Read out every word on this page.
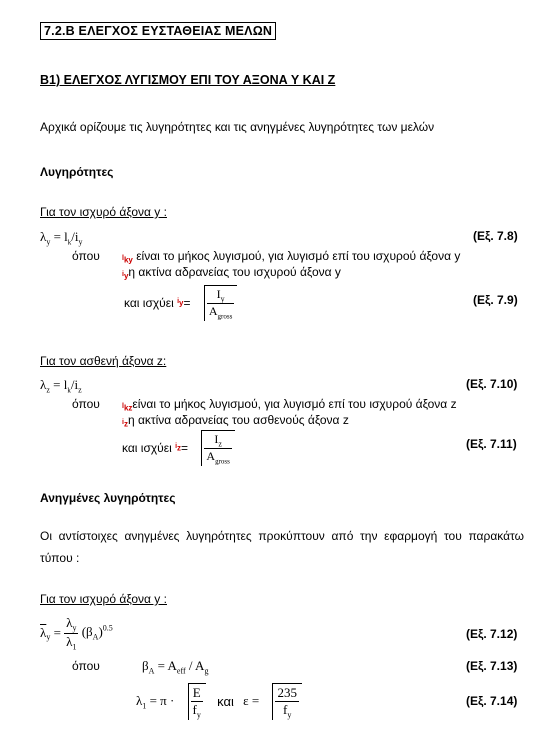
7.2.Β ΕΛΕΓΧΟΣ ΕΥΣΤΑΘΕΙΑΣ ΜΕΛΩΝ
Β1) ΕΛΕΓΧΟΣ ΛΥΓΙΣΜΟΥ ΕΠΙ ΤΟΥ ΑΞΟΝΑ Υ ΚΑΙ Ζ
Αρχικά ορίζουμε τις λυγηρότητες και τις ανηγμένες λυγηρότητες των μελών
Λυγηρότητες
Για τον ισχυρό άξονα y :
$\lambda_y = l_k/i_y$	(Εξ. 7.8)
όπου	$l_{ky}$ είναι το μήκος λυγισμού, για λυγισμό επί του ισχυρού άξονα y
$i_y\eta$ ακτίνα αδρανείας του ισχυρού άξονα y
και ισχύει $i_y= \frac{I_y}{A_{gross}}$	(Εξ. 7.9)
Για τον ασθενή άξονα z:
$\lambda_z = l_k/i_z$	(Εξ. 7.10)
όπου	$l_{kz}\varepsilon ί\nu\alpha\iota$ το μήκος λυγισμού, για λυγισμό επί του ισχυρού άξονα z
$i_z\eta$ ακτίνα αδρανείας του ασθενούς άξονα z
και ισχύει $i_z= \frac{I_z}{A_{gross}}$	(Εξ. 7.11)
Ανηγμένες λυγηρότητες
Οι αντίστοιχες ανηγμένες λυγηρότητες προκύπτουν από την εφαρμογή του παρακάτω τύπου :
Για τον ισχυρό άξονα y :
$\overline{\lambda}_y = \frac{\lambda_y}{\lambda_1} (\beta_A)^{0.5}$	(Εξ. 7.12)
όπου	$\beta_A = A_{eff} / A_g$	(Εξ. 7.13)
$\lambda_1 = \pi \cdot \frac{E}{f_y}$ και $\varepsilon = \frac{235}{f_y}$	(Εξ. 7.14)
